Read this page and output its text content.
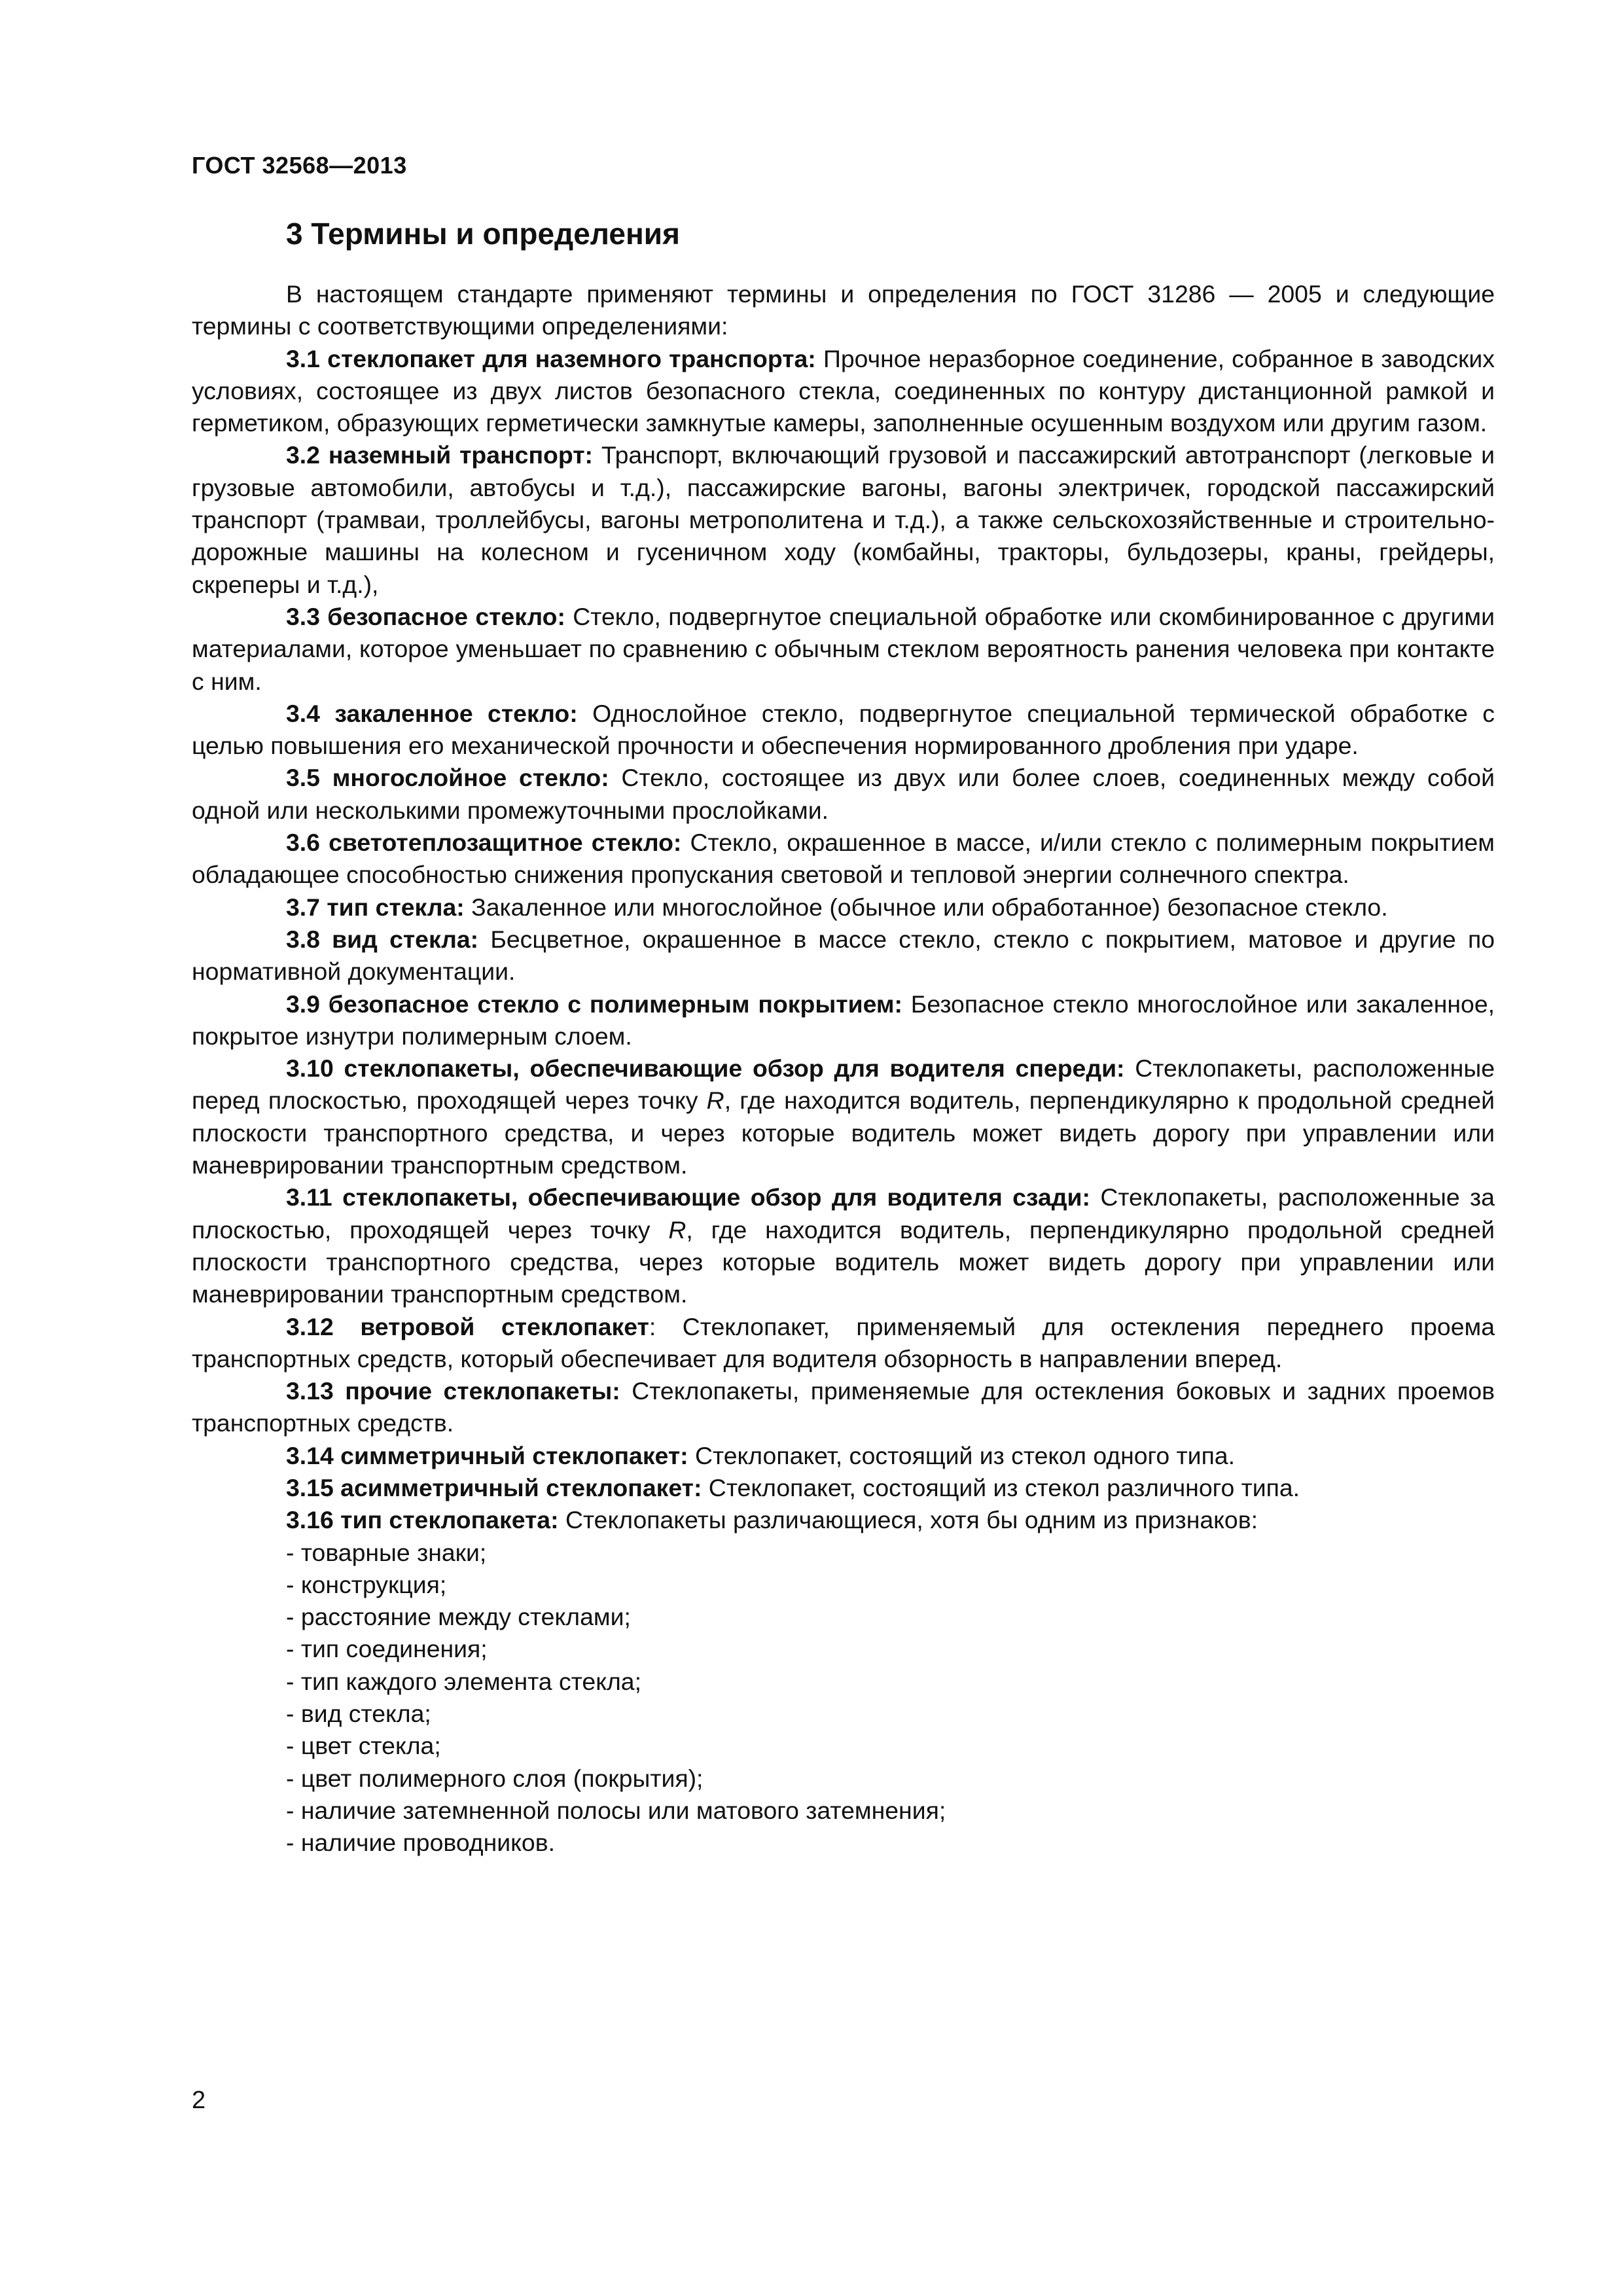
ГОСТ 32568—2013
3 Термины и определения

В настоящем стандарте применяют термины и определения по ГОСТ 31286 — 2005 и следующие термины с соответствующими определениями:

3.1 стеклопакет для наземного транспорта: Прочное неразборное соединение, собранное в заводских условиях, состоящее из двух листов безопасного стекла, соединенных по контуру дистанционной рамкой и герметиком, образующих герметически замкнутые камеры, заполненные осушенным воздухом или другим газом.

3.2 наземный транспорт: Транспорт, включающий грузовой и пассажирский автотранспорт (легковые и грузовые автомобили, автобусы и т.д.), пассажирские вагоны, вагоны электричек, городской пассажирский транспорт (трамваи, троллейбусы, вагоны метрополитена и т.д.), а также сельскохозяйственные и строительно-дорожные машины на колесном и гусеничном ходу (комбайны, тракторы, бульдозеры, краны, грейдеры, скреперы и т.д.),

3.3 безопасное стекло: Стекло, подвергнутое специальной обработке или скомбинированное с другими материалами, которое уменьшает по сравнению с обычным стеклом вероятность ранения человека при контакте с ним.

3.4 закаленное стекло: Однослойное стекло, подвергнутое специальной термической обработке с целью повышения его механической прочности и обеспечения нормированного дробления при ударе.

3.5 многослойное стекло: Стекло, состоящее из двух или более слоев, соединенных между собой одной или несколькими промежуточными прослойками.

3.6 светотеплозащитное стекло: Стекло, окрашенное в массе, и/или стекло с полимерным покрытием обладающее способностью снижения пропускания световой и тепловой энергии солнечного спектра.

3.7 тип стекла: Закаленное или многослойное (обычное или обработанное) безопасное стекло.

3.8 вид стекла: Бесцветное, окрашенное в массе стекло, стекло с покрытием, матовое и другие по нормативной документации.

3.9 безопасное стекло с полимерным покрытием: Безопасное стекло многослойное или закаленное, покрытое изнутри полимерным слоем.

3.10 стеклопакеты, обеспечивающие обзор для водителя спереди: Стеклопакеты, расположенные перед плоскостью, проходящей через точку R, где находится водитель, перпендикулярно к продольной средней плоскости транспортного средства, и через которые водитель может видеть дорогу при управлении или маневрировании транспортным средством.

3.11 стеклопакеты, обеспечивающие обзор для водителя сзади: Стеклопакеты, расположенные за плоскостью, проходящей через точку R, где находится водитель, перпендикулярно продольной средней плоскости транспортного средства, через которые водитель может видеть дорогу при управлении или маневрировании транспортным средством.

3.12 ветровой стеклопакет: Стеклопакет, применяемый для остекления переднего проема транспортных средств, который обеспечивает для водителя обзорность в направлении вперед.

3.13 прочие стеклопакеты: Стеклопакеты, применяемые для остекления боковых и задних проемов транспортных средств.

3.14 симметричный стеклопакет: Стеклопакет, состоящий из стекол одного типа.

3.15 асимметричный стеклопакет: Стеклопакет, состоящий из стекол различного типа.

3.16 тип стеклопакета: Стеклопакеты различающиеся, хотя бы одним из признаков:

- товарные знаки;
- конструкция;
- расстояние между стеклами;
- тип соединения;
- тип каждого элемента стекла;
- вид стекла;
- цвет стекла;
- цвет полимерного слоя (покрытия);
- наличие затемненной полосы или матового затемнения;
- наличие проводников.
2
